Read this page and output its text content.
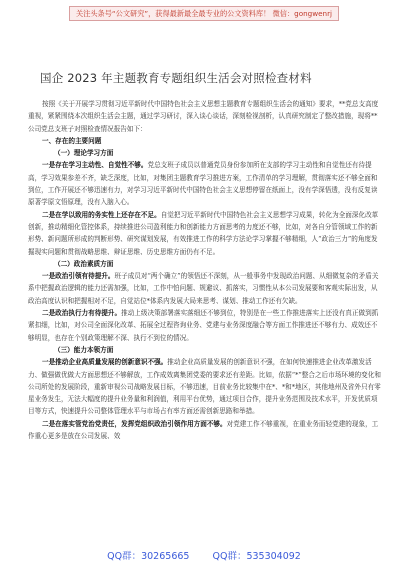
关注头条号“公文研究”，获得最新最全最专业的公文资料库！ 微信：gongwenrj
国企 2023 年主题教育专题组织生活会对照检查材料

按照《关于开展学习贯彻习近平新时代中国特色社会主义思想主题教育专题组织生活会的通知》要求，**党总支高度重视，紧紧围绕本次组织生活会主题，通过学习研讨，深入谈心谈话，深刻检视剖析，认真研究制定了整改措施，现将**公司党总支班子对照检查情况报告如下：

一、存在的主要问题

（一）理论学习方面

一是存在学习主动性、自觉性不够。党总支班子成员以普通党员身份参加所在支部的学习主动性和自觉性还有待提高，学习效果参差不齐，缺乏深度，比如，对集团主题教育学习推进方案，工作清单的学习理解，贯彻落实还不够全面和到位，工作开展还不够迅速有力，对学习习近平新时代中国特色社会主义思想停留在纸面上，没有学深悟透，没有反复读原著学原文悟原理，没有入脑入心。

二是在学以致用的务实性上还存在不足。自觉把习近平新时代中国特色社会主义思想学习成果，转化为全面深化改革创新，推动精细化管控体系，持续推进公司盈利能力和创新能力方面思考的力度还不够，比如，对各自分管领域工作的新形势、新问题所形成的判断形势、研究谋划发展，有效推进工作的科学方法论学习掌握不够精细，人“政治三力”的角度发掘现实问题和贯彻战略思维、辩证思维、历史思维方面仍有不足。

（二）政治素质方面

一是政治引领有待提升。班子成员对“两个确立”的领悟还不深刻，从一般事务中发现政治问题、从细微复杂的矛盾关系中把握政治逻辑的能力还需加强，比如，工作中怕问题、规避议、抓落实，习惯性从本公司发展要和客观实际出发，从政治高度认识和把握相对不足，自觉站位*体系内发展大局来思考、谋划、推动工作还有欠缺。

二是政治执行力有待提升。推动上级决策部署落实落细还不够到位，特别是在一些工作推进落实上还没有真正做到抓紧扣细，比如，对公司全面深化改革、拓展全过程咨询业务、党建与业务深度融合等方面工作推进还不够有力、成效还不够明显，也存在个别政策理解不深、执行不到位的情况。

（三）能力本领方面

一是推动企业高质量发展的创新意识不强。推动企业高质量发展的创新意识不强，在如何快速推进企业改革激发活力、做强做优做大方面思想还不够解放，工作成效离集团党委的要求还有差距。比如，依据“*”整合之后市场环境的变化和公司所处的发展阶段，重新审视公司战略发展目标，不够迅速，目前业务比较集中在*、*和*地区，其他地州及省外只有零星业务发生，无法大幅度的提升业务量和利润值，利用平台优势，通过项目合作，提升业务范围及技术水平，开发优质项目等方式，快速提升公司整体管理水平与市场占有率方面还需创新思路和举措。

二是在落实管党治党责任，发挥党组织政治引领作用方面不够。对党建工作不够重视，在重业务而轻党建的现象，工作重心更多是放在公司发展、效

QQ群：30265665 QQ群：535304092
